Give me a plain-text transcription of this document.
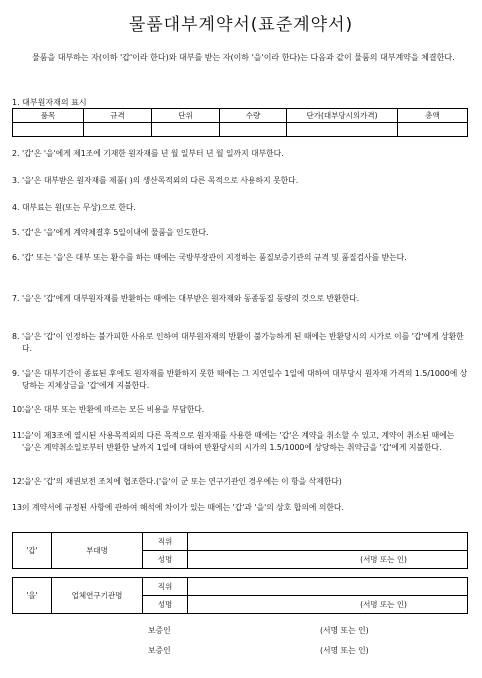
물품대부계약서(표준계약서)
물품을 대부하는 자(이하 '갑'이라 한다)와 대부를 받는 자(이하 '을'이라 한다)는 다음과 같이 물품의 대부계약을 체결한다.
1. 대부원자재의 표시
품목	규격	단위	수량	단가(대부당시의가격)	총액

2. '갑'은 '을'에게 제1조에 기재한 원자재를 년 월 일부터 년 월 일까지 대부한다.
3. '을'은 대부받은 원자재를 제품( )의 생산목적외의 다른 목적으로 사용하지 못한다.
4. 대부료는 원(또는 무상)으로 한다.
5. '갑'은 '을'에게 계약체결후 5일이내에 물품을 인도한다.
6. '갑' 또는 '을'은 대부 또는 환수를 하는 때에는 국방부장관이 지정하는 품질보증기관의 규격 및 품질검사를 받는다.
7. '을'은 '갑'에게 대부원자재를 반환하는 때에는 대부받은 원자재와 동종동질 동량의 것으로 반환한다.
8. '을'은 '갑'이 인정하는 불가피한 사유로 인하여 대부원자재의 반환이 불가능하게 된 때에는 반환당시의 시가로 이를 '갑'에게 상환한다.
9. '을'은 대부기간이 종료된 후에도 원자재를 반환하지 못한 때에는 그 지연일수 1일에 대하여 대부당시 원자재 가격의 1.5/1000에 상당하는 지체상금을 '갑'에게 지불한다.
10.
'을'은 대부 또는 반환에 따르는 모든 비용을 부담한다.
11.
'을'이 제3조에 열시된 사용목적외의 다른 목적으로 원자재를 사용한 때에는 '갑'은 계약을 취소할 수 있고, 계약이 취소된 때에는 '을'은 계약취소일로부터 반환한 날까지 1일에 대하여 반환당시의 시가의 1.5/1000에 상당하는 취약금을 '갑'에게 지불한다.
12.
'을'은 '갑'의 채권보전 조치에 협조한다.('을'이 군 또는 연구기관인 경우에는 이 항을 삭제한다)
13.
이 계약서에 규정된 사항에 관하여 해석에 차이가 있는 때에는 '갑'과 '을'의 상호 합의에 의한다.
'갑'	부대명	직위	
		성명	(서명 또는 인)
'을'	업체연구기관명	직위	
		성명	(서명 또는 인)
보증인	(서명 또는 인)
보증인	(서명 또는 인)
